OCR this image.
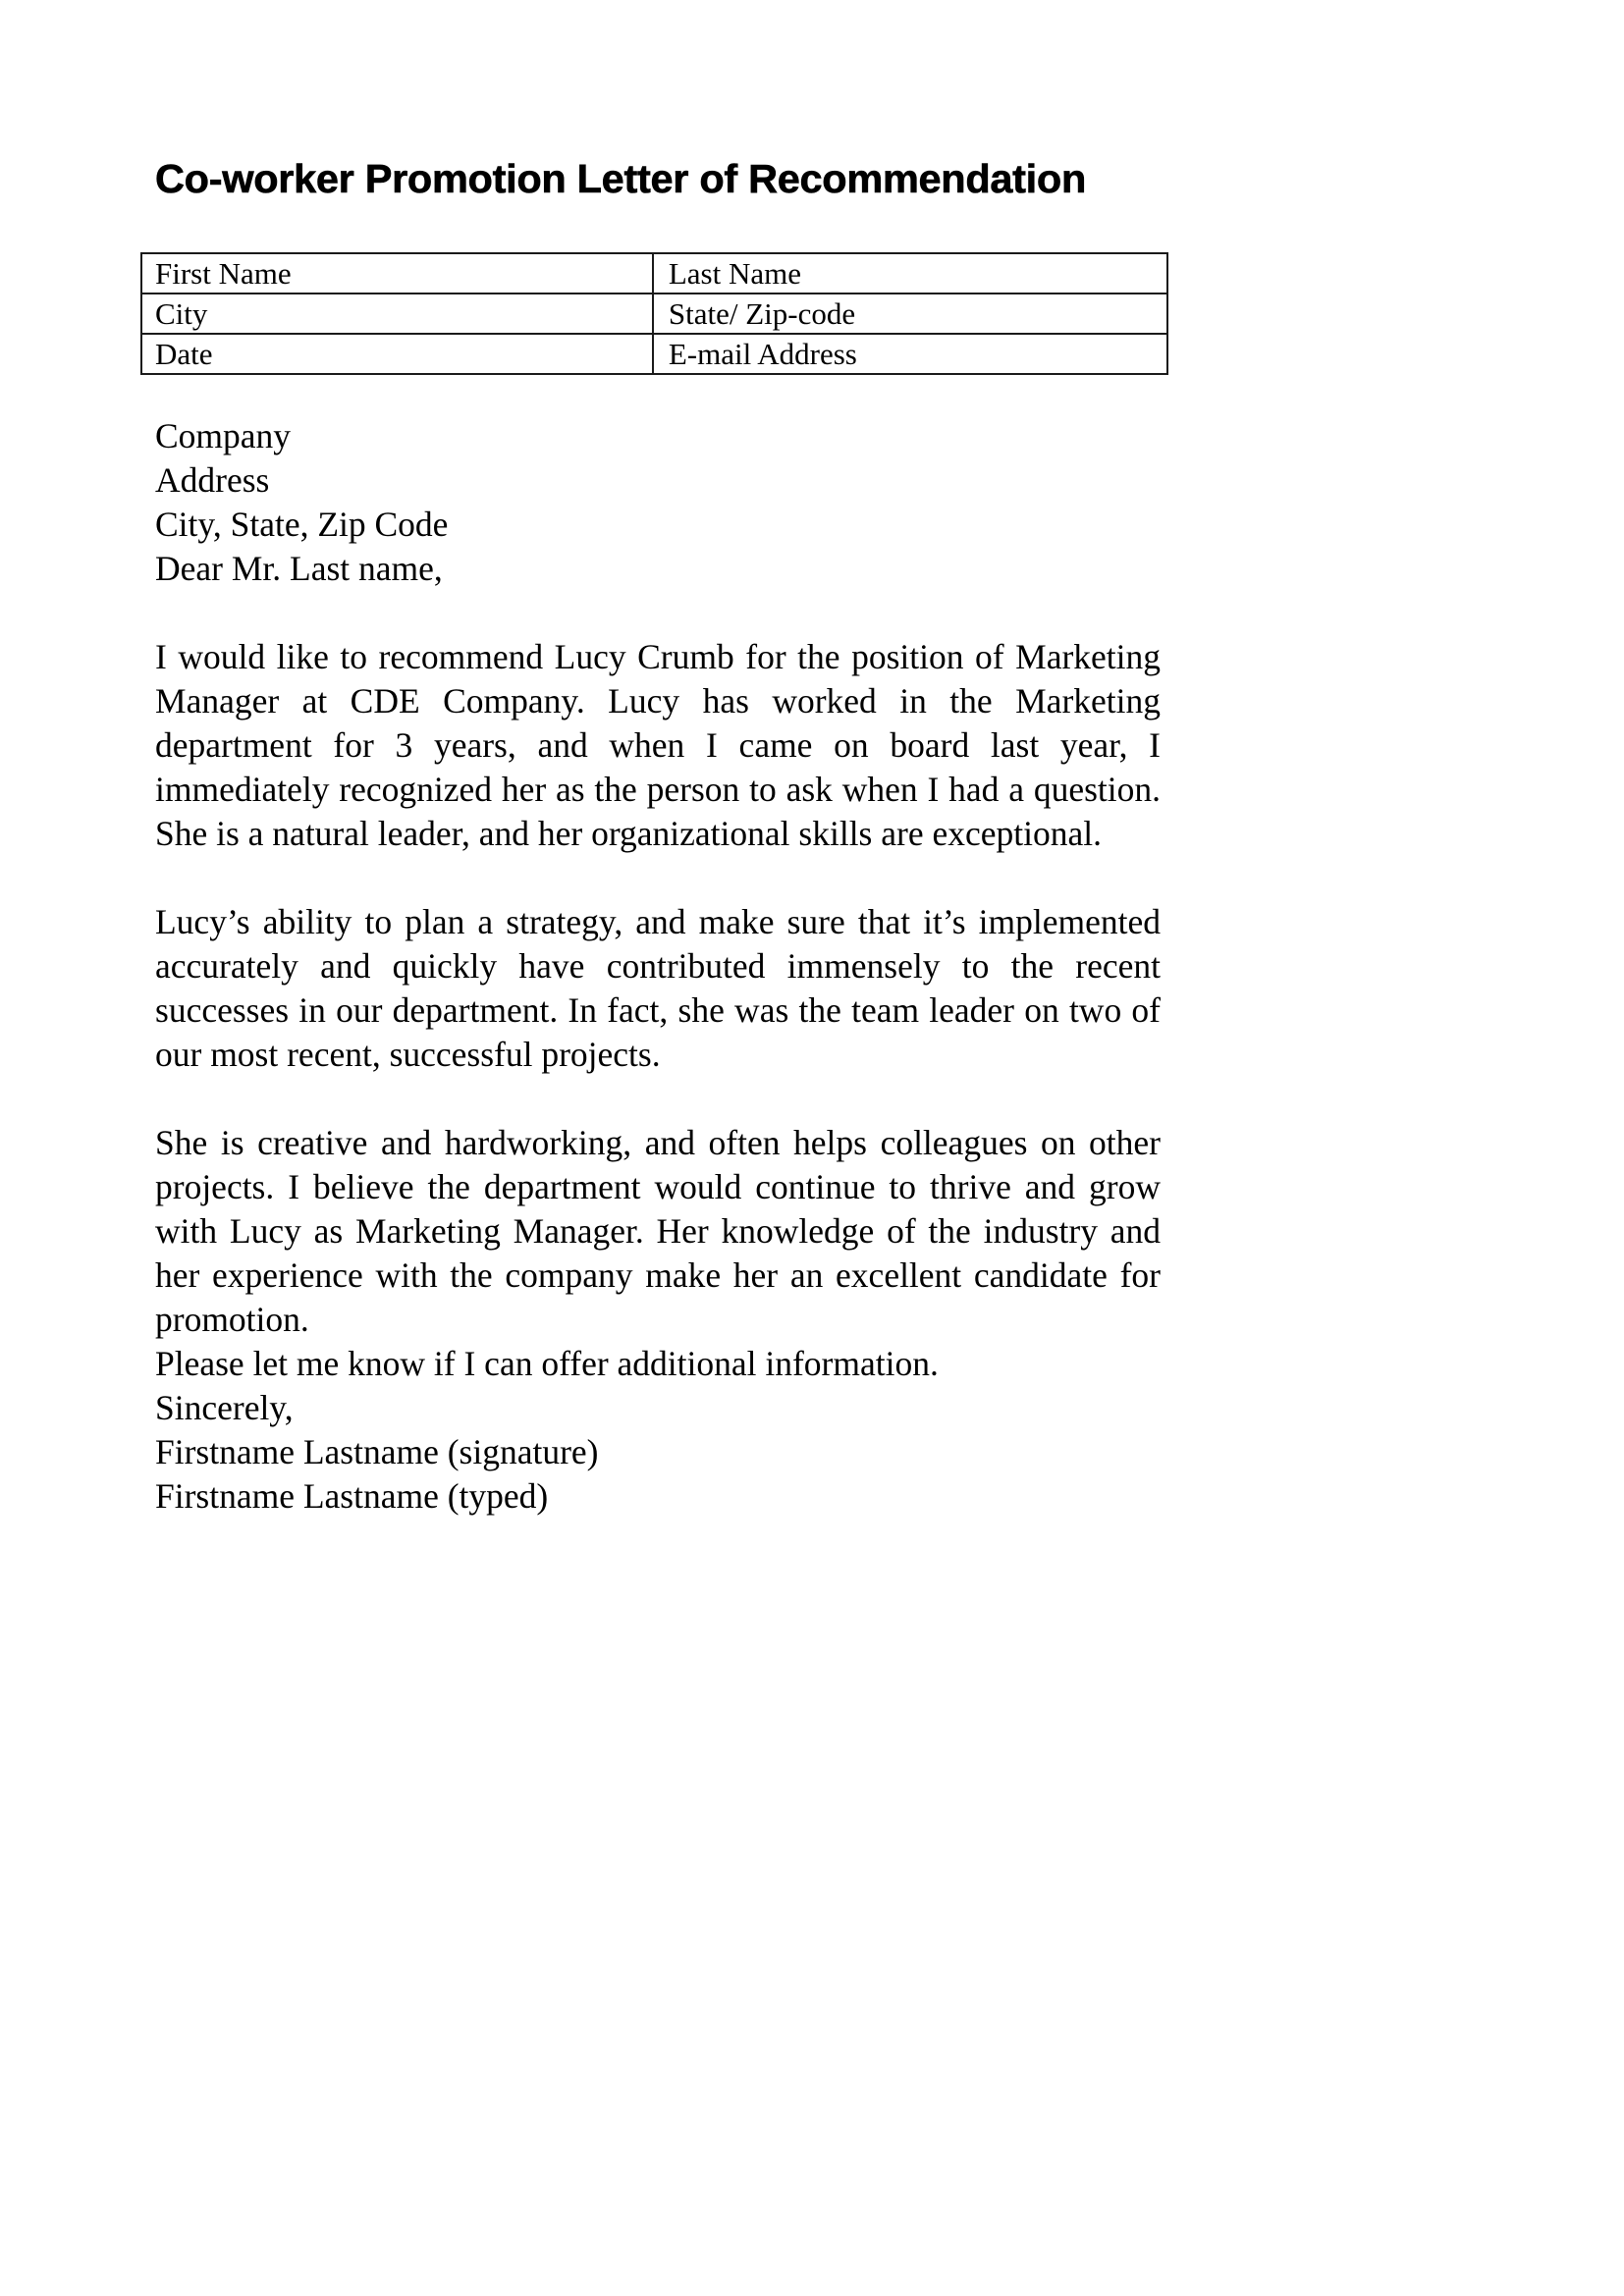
Co-worker Promotion Letter of Recommendation
First Name	Last Name
City	State/ Zip-code
Date	E-mail Address
Company
Address
City, State, Zip Code
Dear Mr. Last name,

I would like to recommend Lucy Crumb for the position of Marketing Manager at CDE Company. Lucy has worked in the Marketing department for 3 years, and when I came on board last year, I immediately recognized her as the person to ask when I had a question. She is a natural leader, and her organizational skills are exceptional.

Lucy’s ability to plan a strategy, and make sure that it’s implemented accurately and quickly have contributed immensely to the recent successes in our department. In fact, she was the team leader on two of our most recent, successful projects.

She is creative and hardworking, and often helps colleagues on other projects. I believe the department would continue to thrive and grow with Lucy as Marketing Manager. Her knowledge of the industry and her experience with the company make her an excellent candidate for promotion.

Please let me know if I can offer additional information.
Sincerely,
Firstname Lastname (signature)
Firstname Lastname (typed)
